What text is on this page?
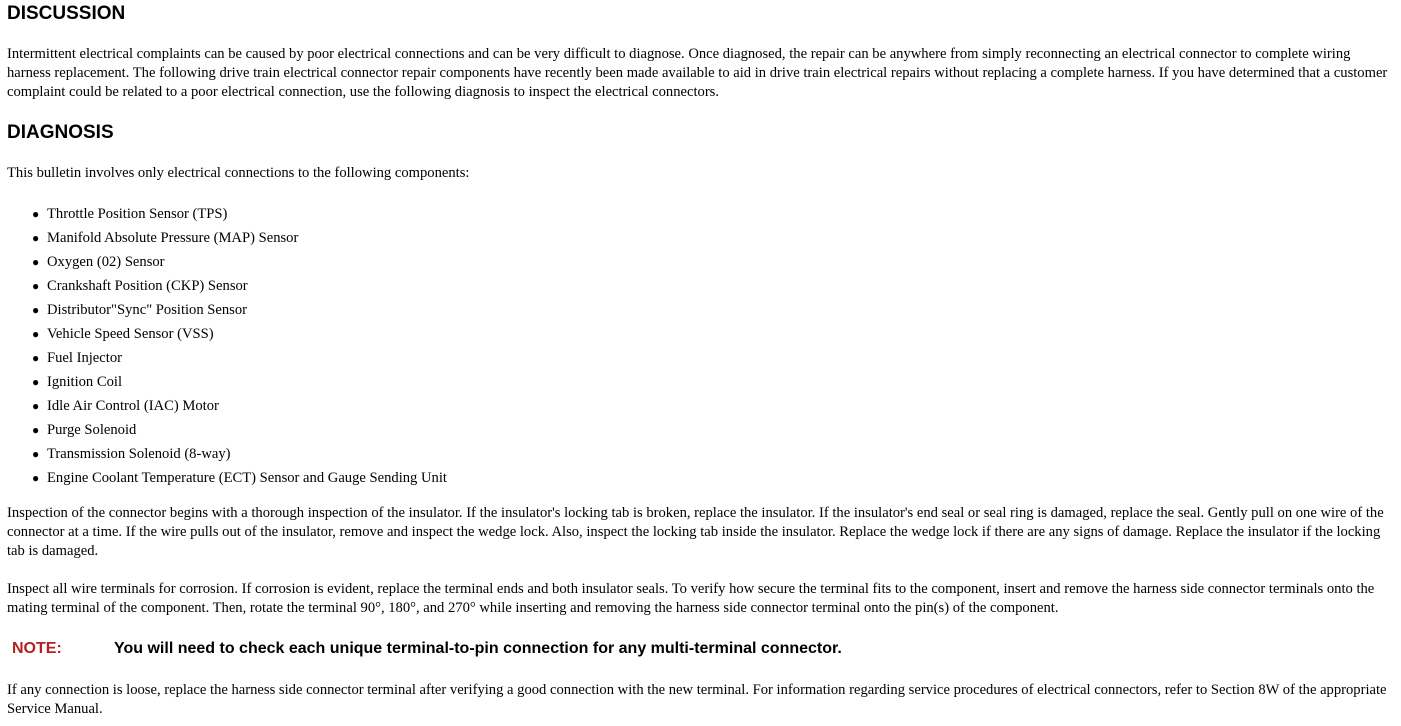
DISCUSSION

Intermittent electrical complaints can be caused by poor electrical connections and can be very difficult to diagnose. Once diagnosed, the repair can be anywhere from simply reconnecting an electrical connector to complete wiring harness replacement. The following drive train electrical connector repair components have recently been made available to aid in drive train electrical repairs without replacing a complete harness. If you have determined that a customer complaint could be related to a poor electrical connection, use the following diagnosis to inspect the electrical connectors.

DIAGNOSIS

This bulletin involves only electrical connections to the following components:

● Throttle Position Sensor (TPS)
● Manifold Absolute Pressure (MAP) Sensor
● Oxygen (02) Sensor
● Crankshaft Position (CKP) Sensor
● Distributor"Sync" Position Sensor
● Vehicle Speed Sensor (VSS)
● Fuel Injector
● Ignition Coil
● Idle Air Control (IAC) Motor
● Purge Solenoid
● Transmission Solenoid (8-way)
● Engine Coolant Temperature (ECT) Sensor and Gauge Sending Unit

Inspection of the connector begins with a thorough inspection of the insulator. If the insulator's locking tab is broken, replace the insulator. If the insulator's end seal or seal ring is damaged, replace the seal. Gently pull on one wire of the connector at a time. If the wire pulls out of the insulator, remove and inspect the wedge lock. Also, inspect the locking tab inside the insulator. Replace the wedge lock if there are any signs of damage. Replace the insulator if the locking tab is damaged.

Inspect all wire terminals for corrosion. If corrosion is evident, replace the terminal ends and both insulator seals. To verify how secure the terminal fits to the component, insert and remove the harness side connector terminals onto the mating terminal of the component. Then, rotate the terminal 90°, 180°, and 270° while inserting and removing the harness side connector terminal onto the pin(s) of the component.

NOTE:	You will need to check each unique terminal-to-pin connection for any multi-terminal connector.

If any connection is loose, replace the harness side connector terminal after verifying a good connection with the new terminal. For information regarding service procedures of electrical connectors, refer to Section 8W of the appropriate Service Manual.
